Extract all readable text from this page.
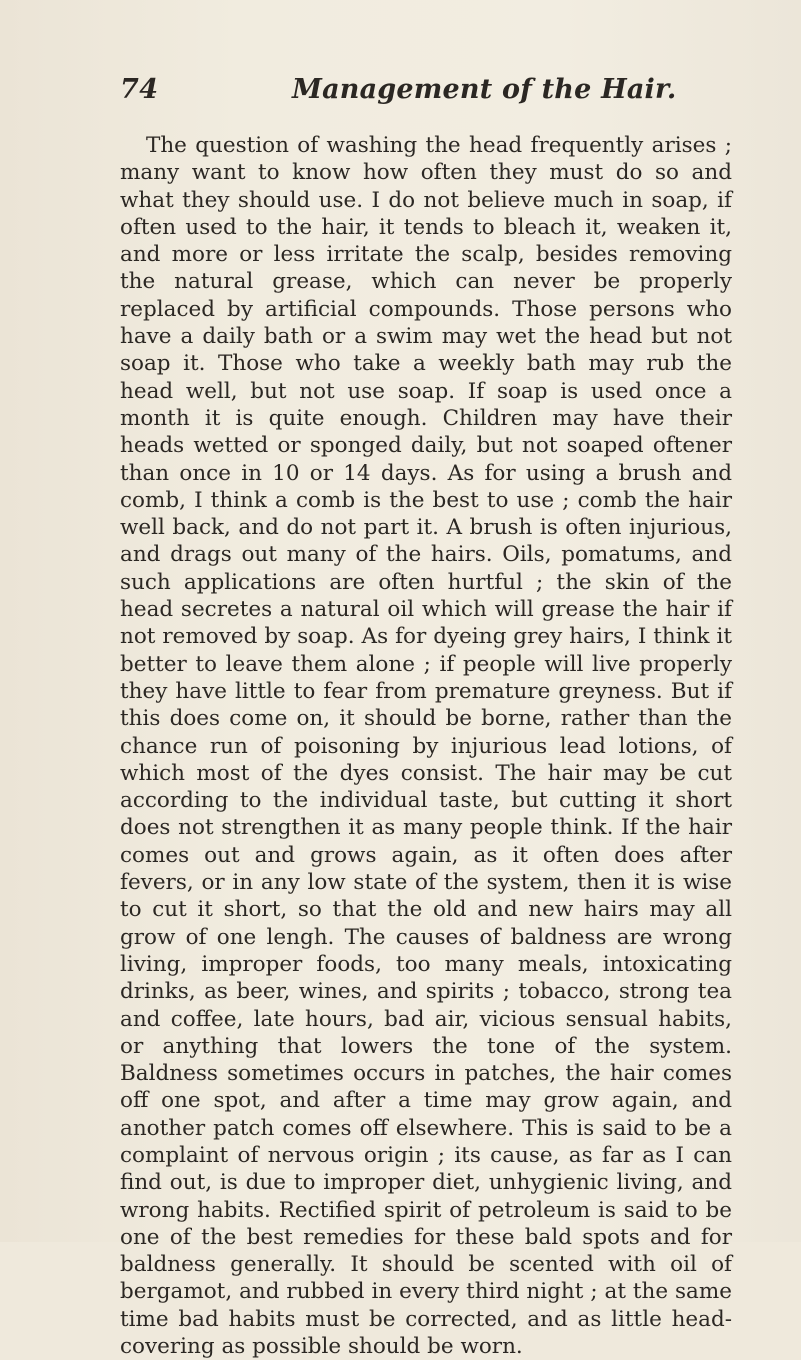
74	Management of the Hair.

The question of washing the head frequently arises ; many want to know how often they must do so and what they should use. I do not believe much in soap, if often used to the hair, it tends to bleach it, weaken it, and more or less irritate the scalp, besides removing the natural grease, which can never be properly replaced by artificial compounds. Those persons who have a daily bath or a swim may wet the head but not soap it. Those who take a weekly bath may rub the head well, but not use soap. If soap is used once a month it is quite enough. Children may have their heads wetted or sponged daily, but not soaped oftener than once in 10 or 14 days. As for using a brush and comb, I think a comb is the best to use ; comb the hair well back, and do not part it. A brush is often injurious, and drags out many of the hairs. Oils, pomatums, and such applications are often hurtful ; the skin of the head secretes a natural oil which will grease the hair if not removed by soap. As for dyeing grey hairs, I think it better to leave them alone ; if people will live properly they have little to fear from premature greyness. But if this does come on, it should be borne, rather than the chance run of poisoning by injurious lead lotions, of which most of the dyes consist. The hair may be cut according to the individual taste, but cutting it short does not strengthen it as many people think. If the hair comes out and grows again, as it often does after fevers, or in any low state of the system, then it is wise to cut it short, so that the old and new hairs may all grow of one lengh. The causes of baldness are wrong living, improper foods, too many meals, intoxicating drinks, as beer, wines, and spirits ; tobacco, strong tea and coffee, late hours, bad air, vicious sensual habits, or anything that lowers the tone of the system. Baldness sometimes occurs in patches, the hair comes off one spot, and after a time may grow again, and another patch comes off elsewhere. This is said to be a complaint of nervous origin ; its cause, as far as I can find out, is due to improper diet, unhygienic living, and wrong habits. Rectified spirit of petroleum is said to be one of the best remedies for these bald spots and for baldness generally. It should be scented with oil of bergamot, and rubbed in every third night ; at the same time bad habits must be corrected, and as little headcovering as possible should be worn.
